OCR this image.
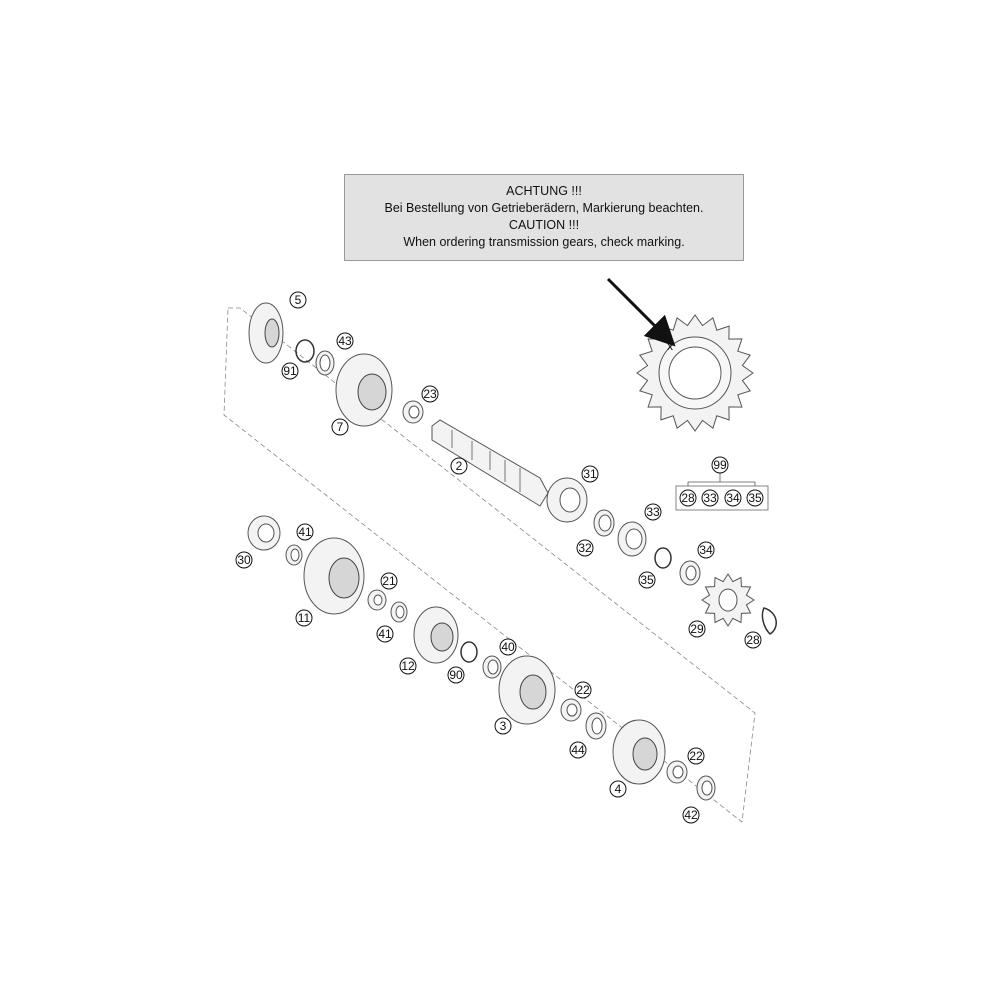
ACHTUNG !!!
Bei Bestellung von Getrieberädern, Markierung beachten.
CAUTION !!!
When ordering transmission gears, check marking.
x
5
91
43
7
23
2
31
99
28 33 34 35
30
41
11
21
41
12
40
90
3
22
44
4
22
42
32
33
35
34
29
28
